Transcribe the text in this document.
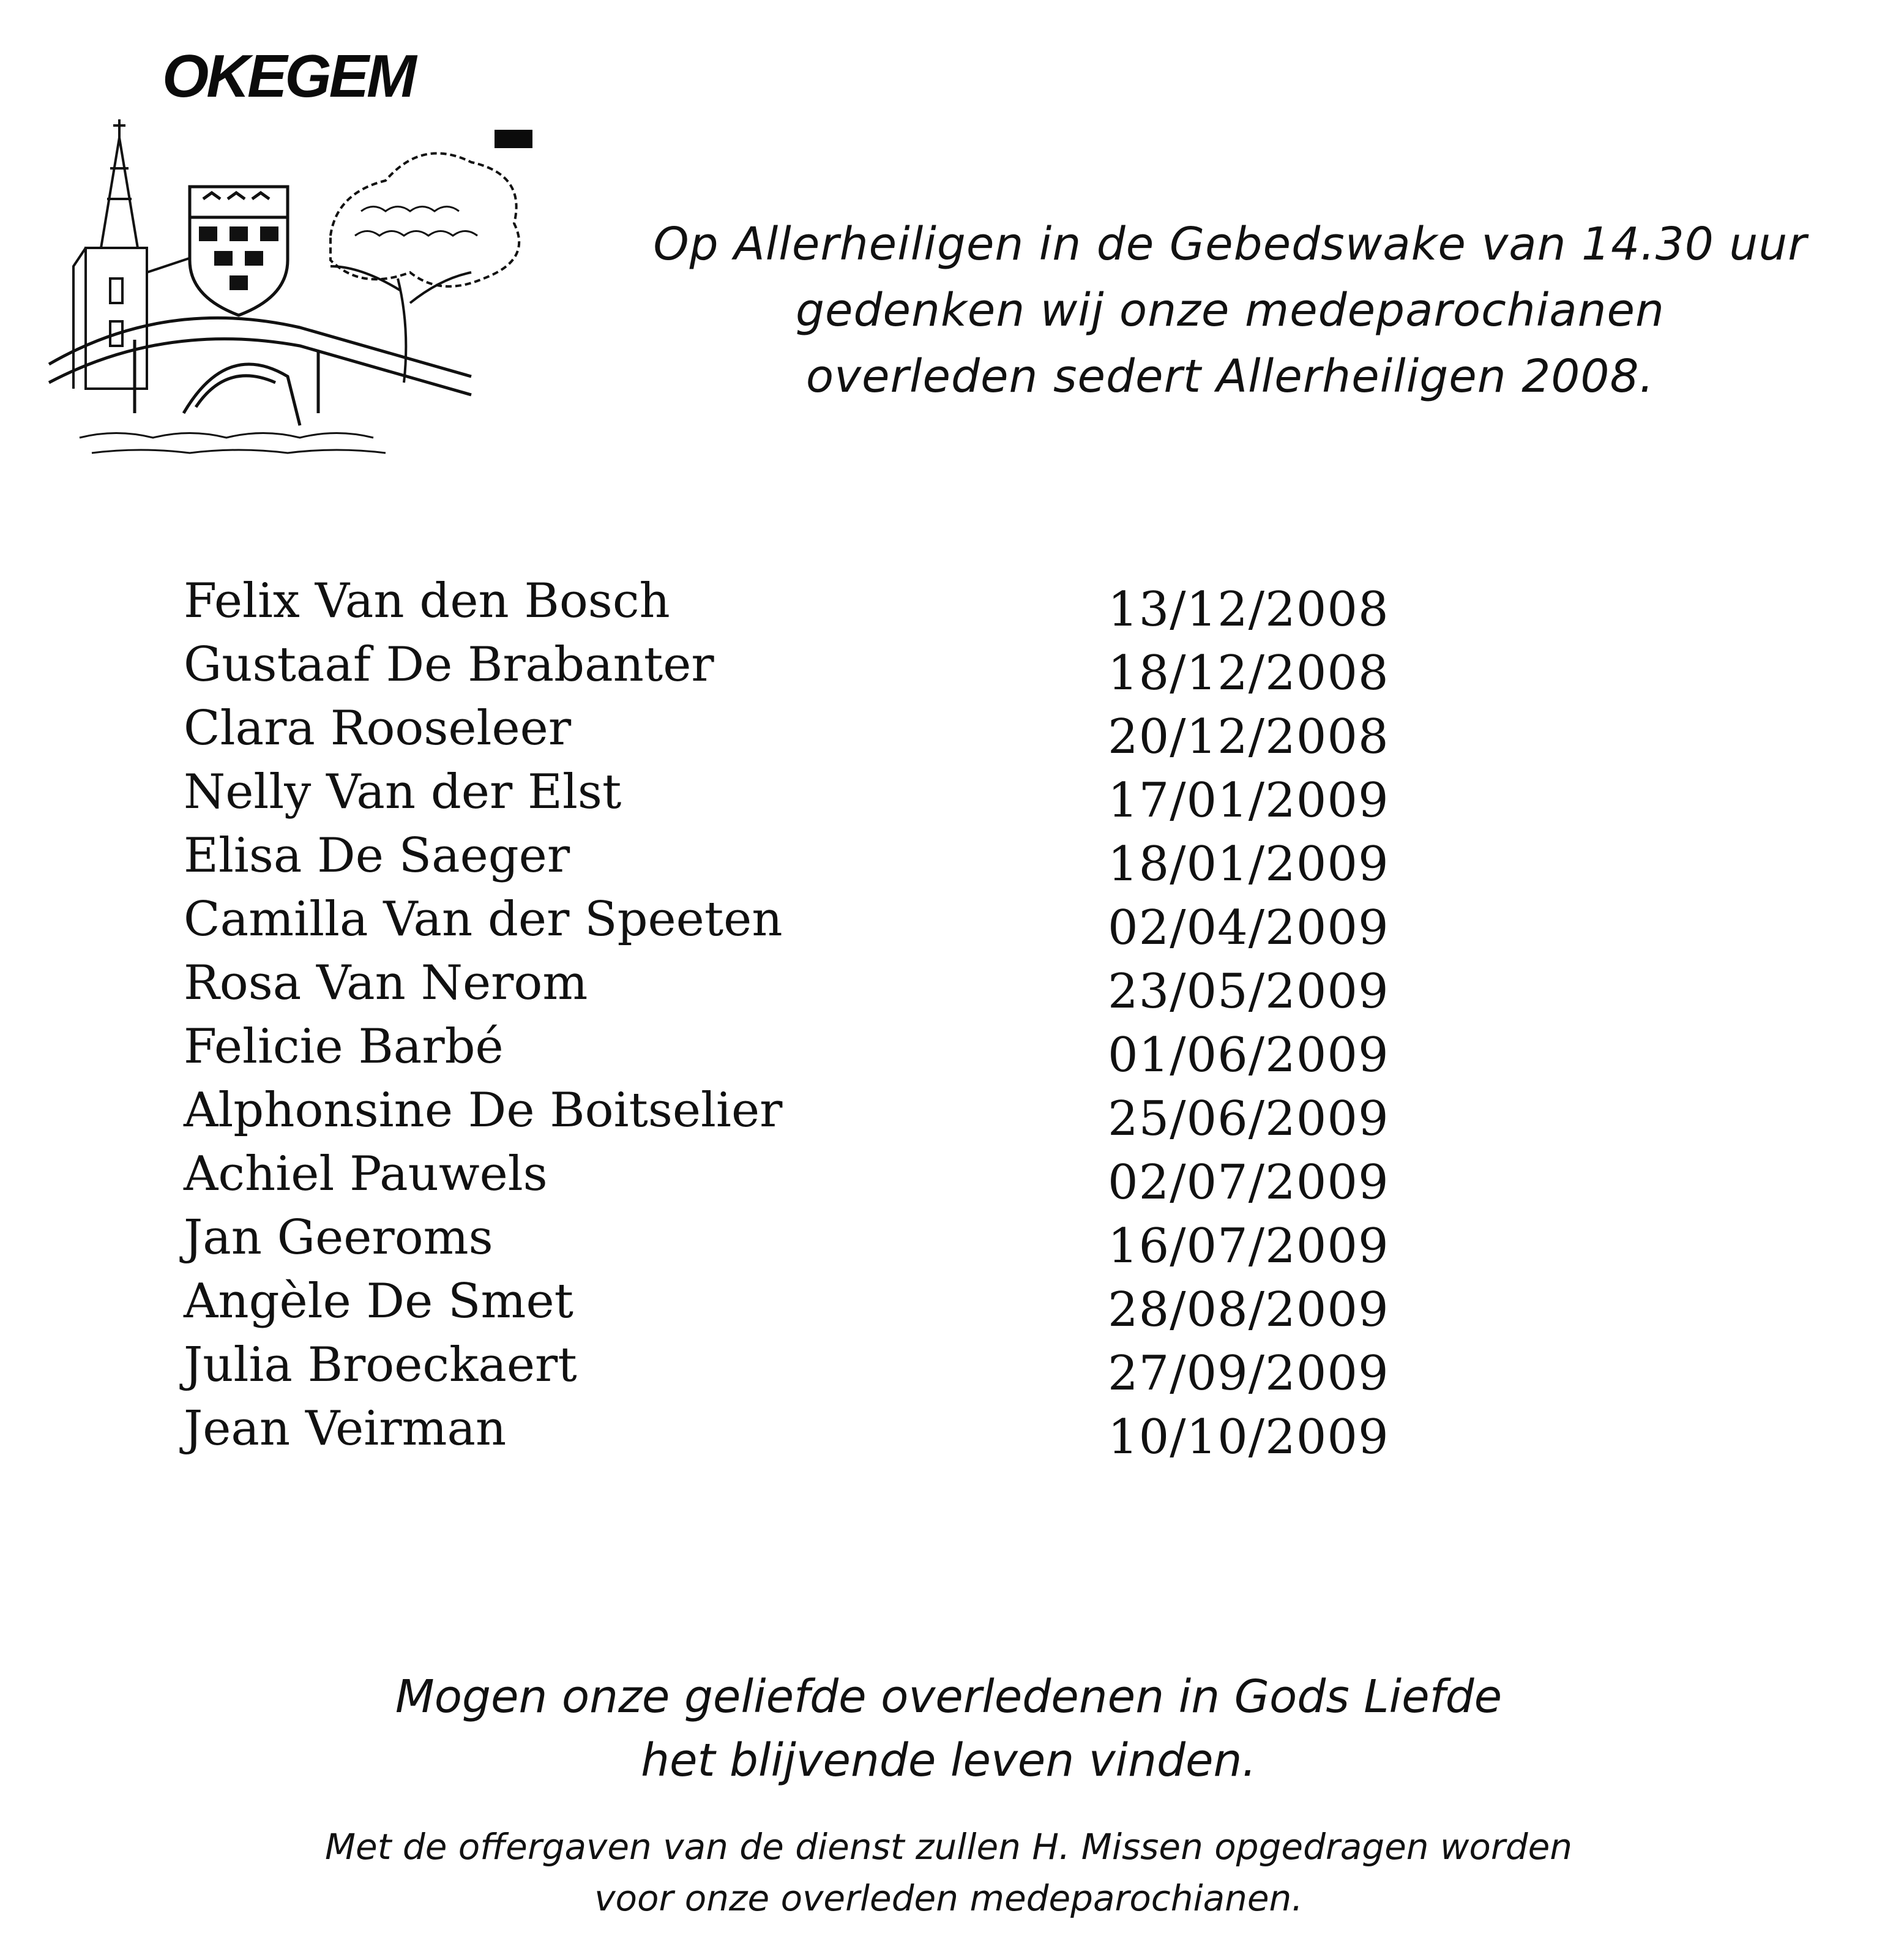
OKEGEM
Op Allerheiligen in de Gebedswake van 14.30 uur
gedenken wij onze medeparochianen
overleden sedert Allerheiligen 2008.
Felix Van den Bosch	13/12/2008
Gustaaf De Brabanter	18/12/2008
Clara Rooseleer	20/12/2008
Nelly Van der Elst	17/01/2009
Elisa De Saeger	18/01/2009
Camilla Van der Speeten	02/04/2009
Rosa Van Nerom	23/05/2009
Felicie Barbé	01/06/2009
Alphonsine De Boitselier	25/06/2009
Achiel Pauwels	02/07/2009
Jan Geeroms	16/07/2009
Angèle De Smet	28/08/2009
Julia Broeckaert	27/09/2009
Jean Veirman	10/10/2009
Mogen onze geliefde overledenen in Gods Liefde
het blijvende leven vinden.
Met de offergaven van de dienst zullen H. Missen opgedragen worden
voor onze overleden medeparochianen.
